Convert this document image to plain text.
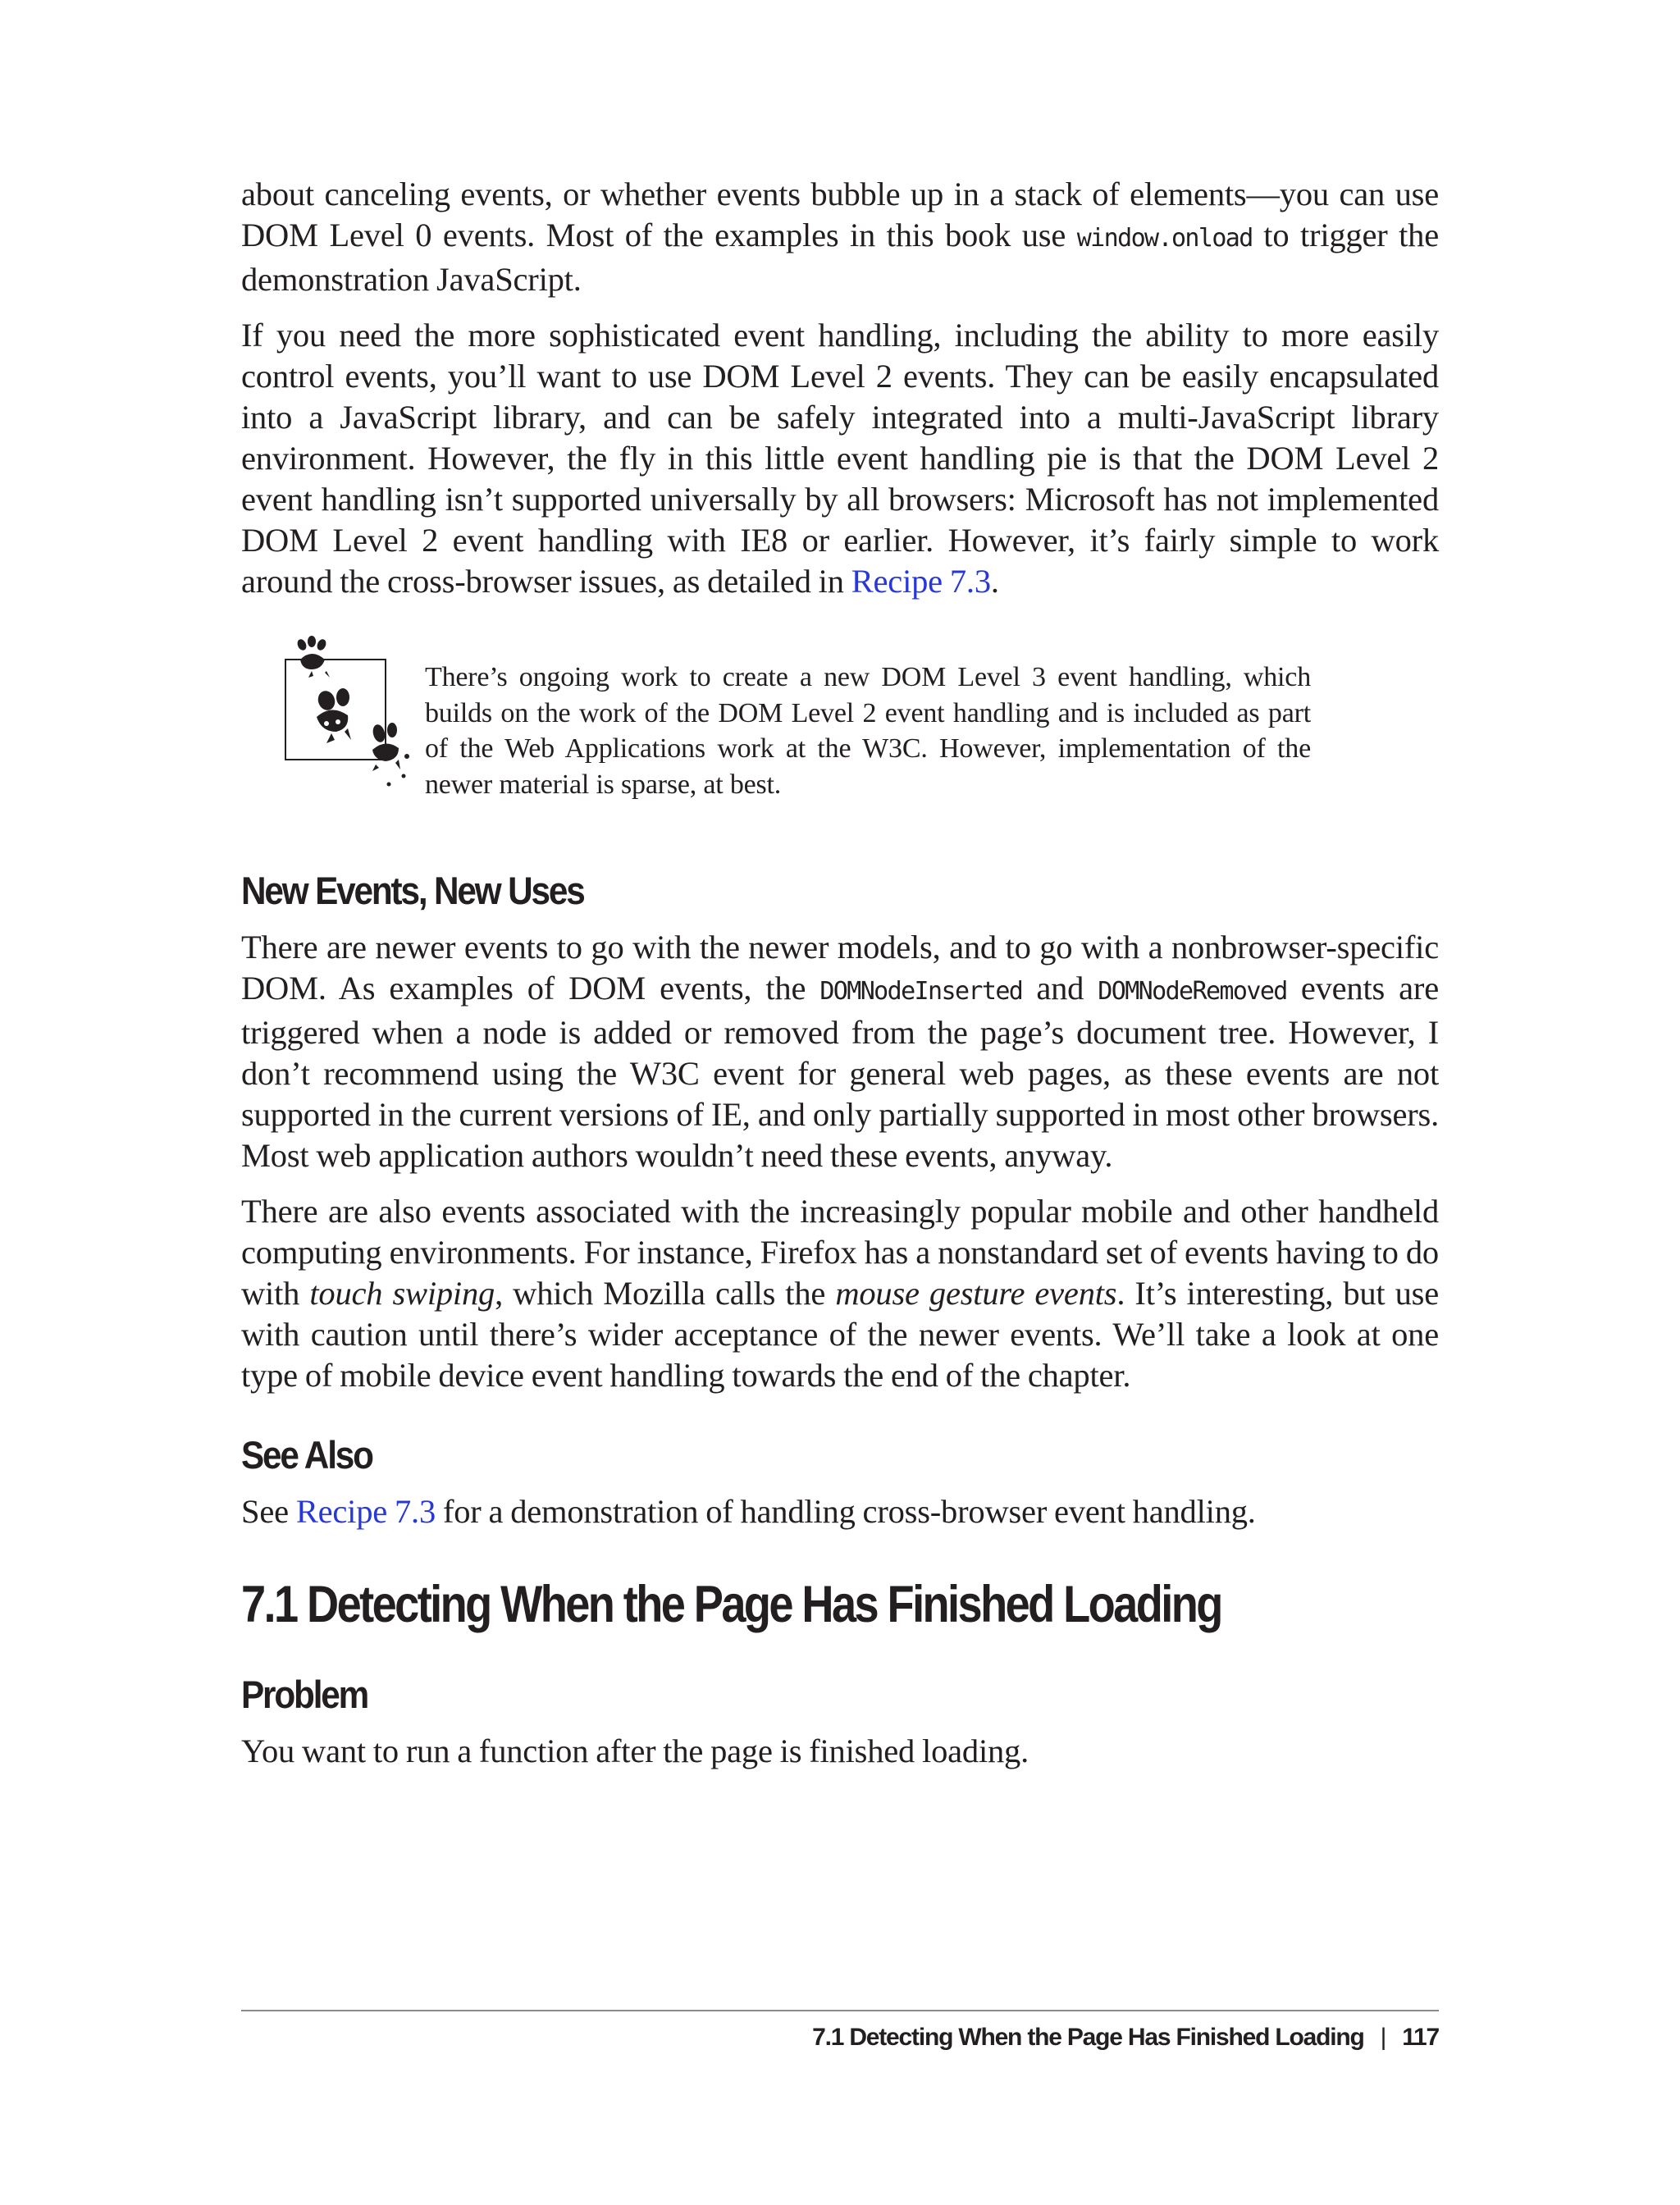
about canceling events, or whether events bubble up in a stack of elements—you can use DOM Level 0 events. Most of the examples in this book use window.onload to trigger the demonstration JavaScript.

If you need the more sophisticated event handling, including the ability to more easily control events, you’ll want to use DOM Level 2 events. They can be easily encapsulated into a JavaScript library, and can be safely integrated into a multi-JavaScript library environment. However, the fly in this little event handling pie is that the DOM Level 2 event handling isn’t supported universally by all browsers: Microsoft has not implemented DOM Level 2 event handling with IE8 or earlier. However, it’s fairly simple to work around the cross-browser issues, as detailed in Recipe 7.3.

There’s ongoing work to create a new DOM Level 3 event handling, which builds on the work of the DOM Level 2 event handling and is included as part of the Web Applications work at the W3C. However, implementation of the newer material is sparse, at best.
New Events, New Uses

There are newer events to go with the newer models, and to go with a nonbrowser-specific DOM. As examples of DOM events, the DOMNodeInserted and DOMNodeRemoved events are triggered when a node is added or removed from the page’s document tree. However, I don’t recommend using the W3C event for general web pages, as these events are not supported in the current versions of IE, and only partially supported in most other browsers. Most web application authors wouldn’t need these events, anyway.

There are also events associated with the increasingly popular mobile and other handheld computing environments. For instance, Firefox has a nonstandard set of events having to do with touch swiping, which Mozilla calls the mouse gesture events. It’s interesting, but use with caution until there’s wider acceptance of the newer events. We’ll take a look at one type of mobile device event handling towards the end of the chapter.

See Also

See Recipe 7.3 for a demonstration of handling cross-browser event handling.

7.1 Detecting When the Page Has Finished Loading
Problem

You want to run a function after the page is finished loading.

7.1 Detecting When the Page Has Finished Loading | 117
